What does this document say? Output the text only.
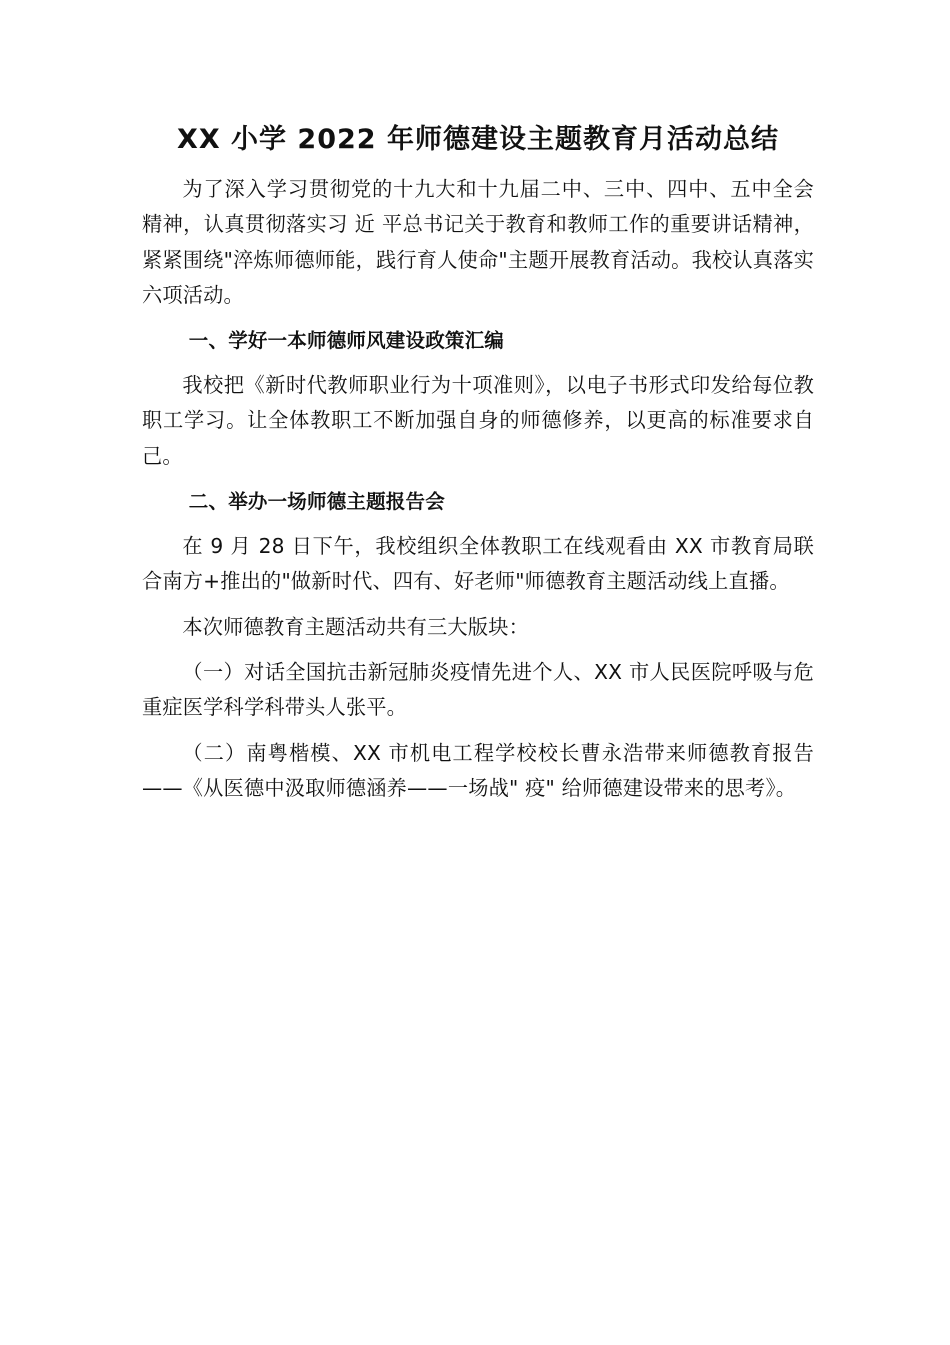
XX 小学 2022 年师德建设主题教育月活动总结

为了深入学习贯彻党的十九大和十九届二中、三中、四中、五中全会精神，认真贯彻落实习 近 平总书记关于教育和教师工作的重要讲话精神，紧紧围绕"淬炼师德师能，践行育人使命"主题开展教育活动。我校认真落实六项活动。

一、学好一本师德师风建设政策汇编

我校把《新时代教师职业行为十项准则》，以电子书形式印发给每位教职工学习。让全体教职工不断加强自身的师德修养，以更高的标准要求自己。

二、举办一场师德主题报告会

在 9 月 28 日下午，我校组织全体教职工在线观看由 XX 市教育局联合南方+推出的"做新时代、四有、好老师"师德教育主题活动线上直播。

本次师德教育主题活动共有三大版块：

（一）对话全国抗击新冠肺炎疫情先进个人、XX 市人民医院呼吸与危重症医学科学科带头人张平。

（二）南粤楷模、XX 市机电工程学校校长曹永浩带来师德教育报告——《从医德中汲取师德涵养——一场战" 疫" 给师德建设带来的思考》。
